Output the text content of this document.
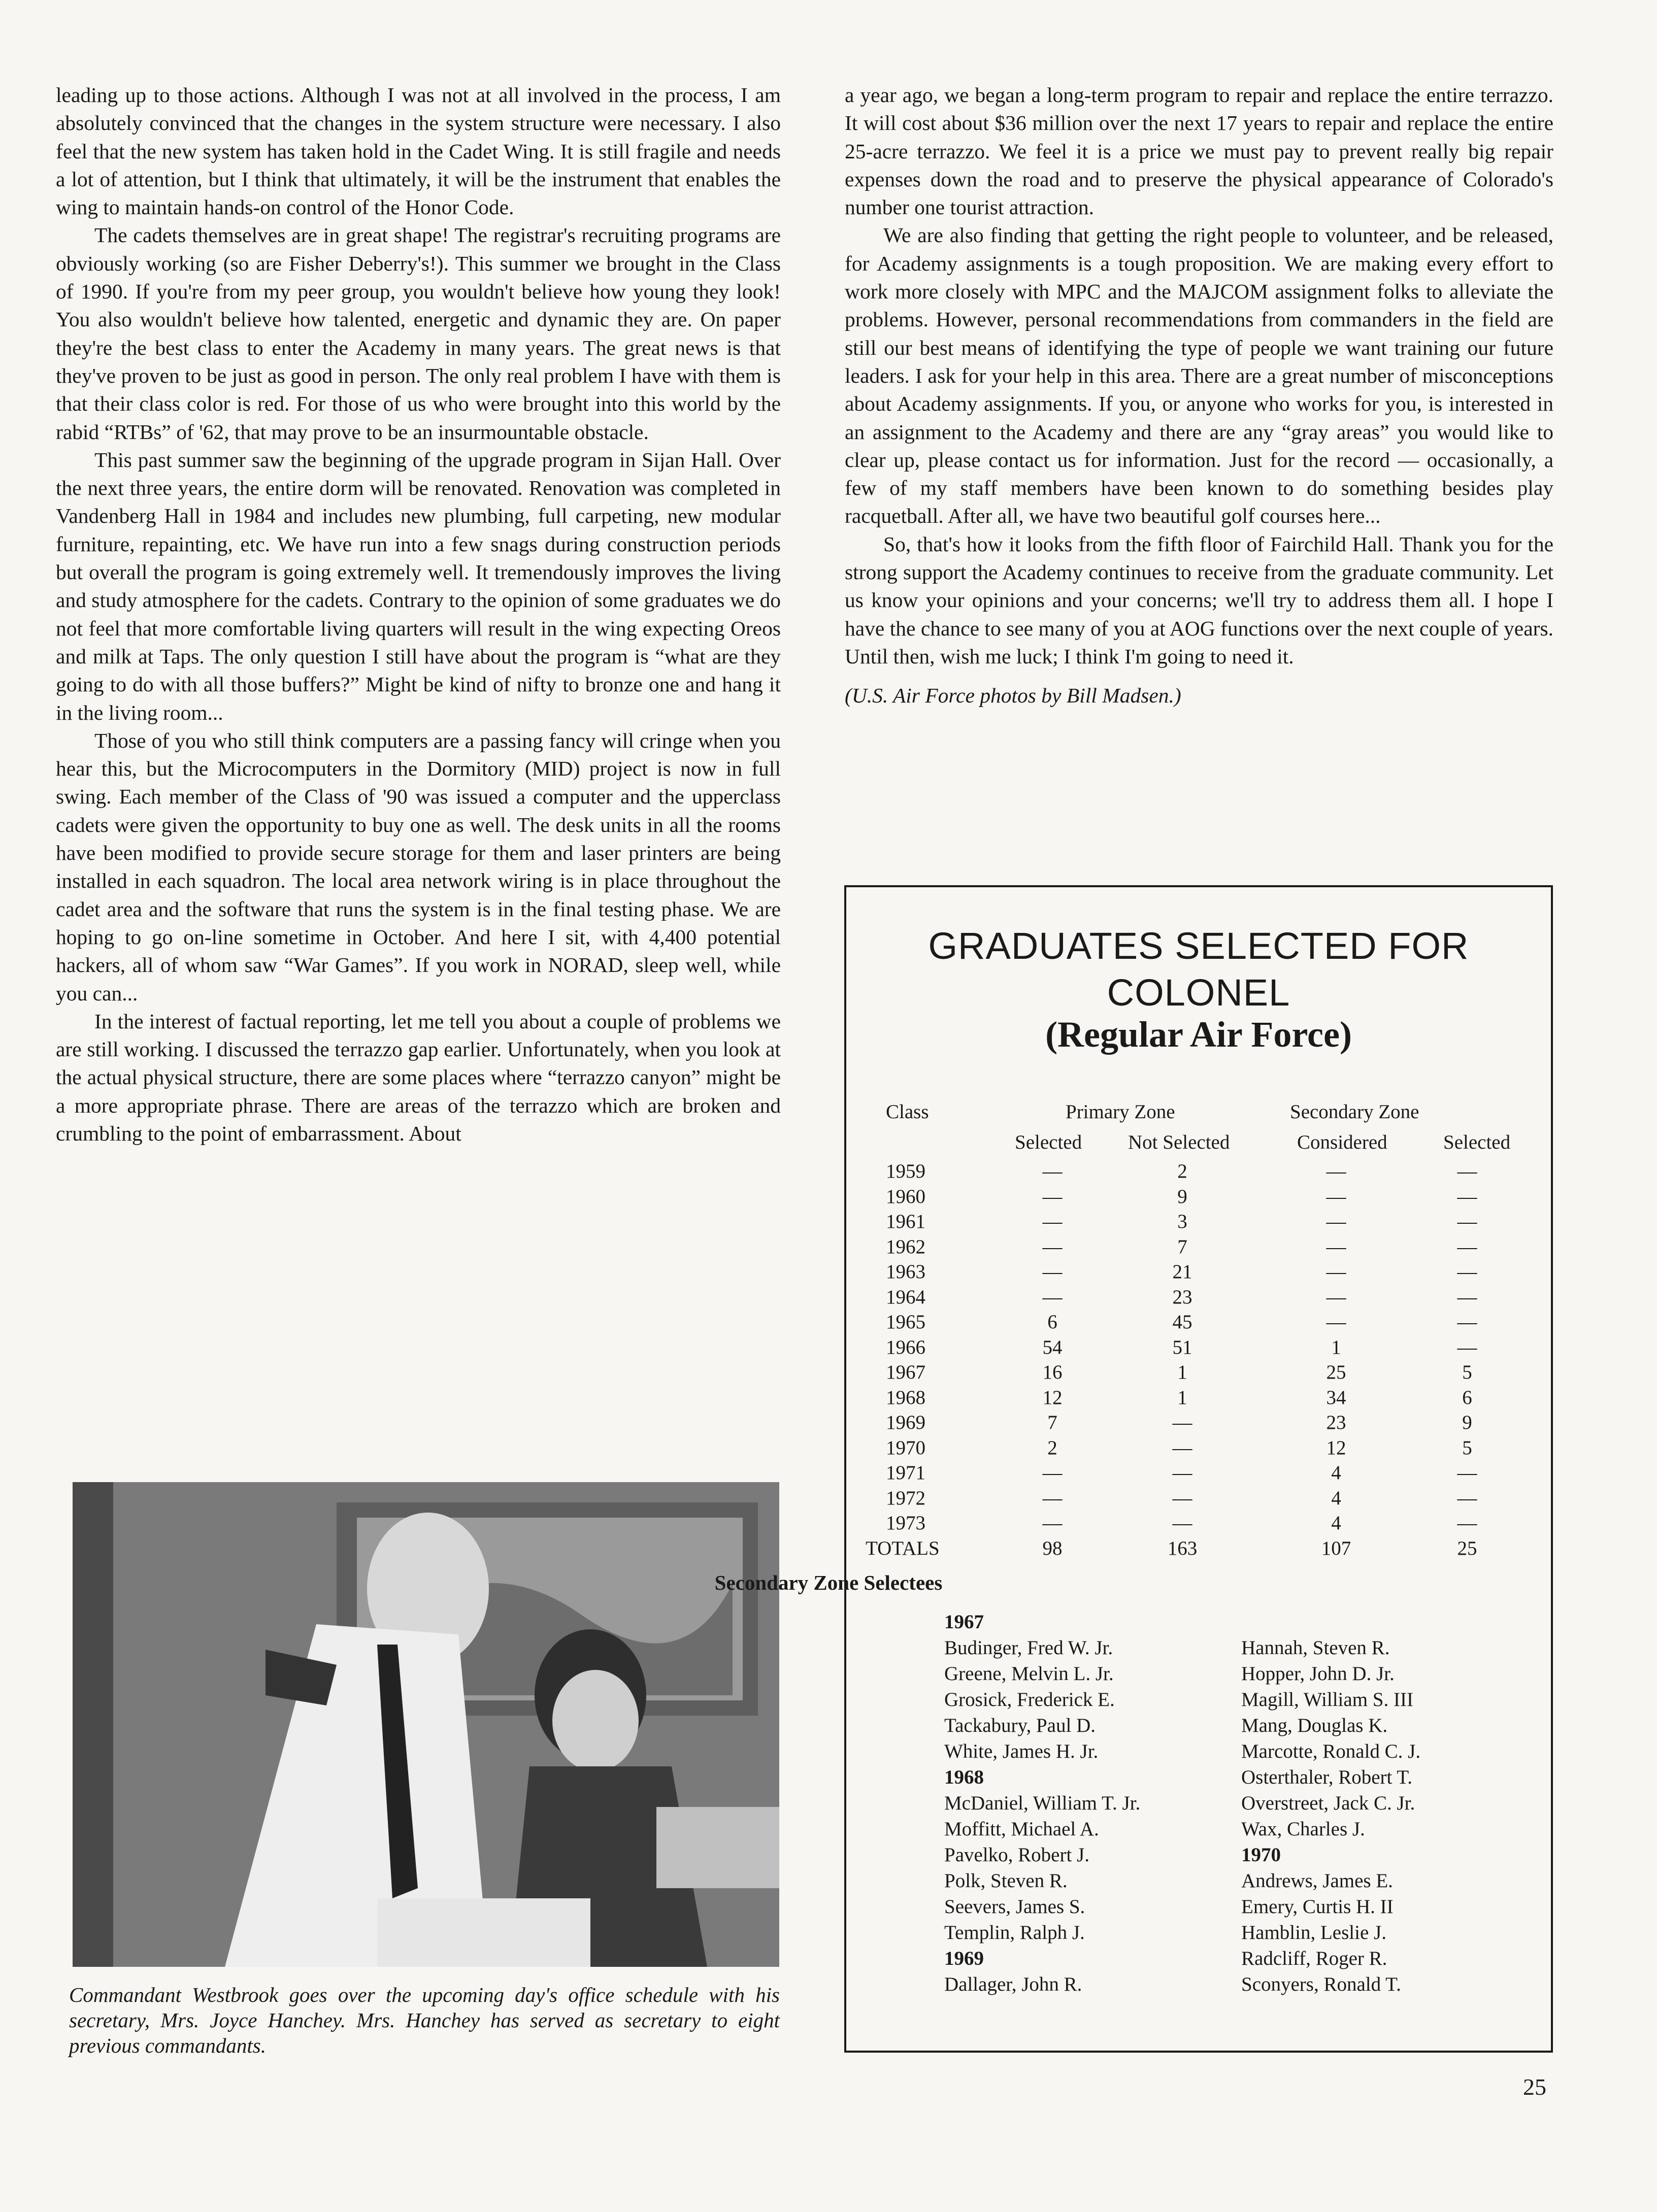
leading up to those actions. Although I was not at all involved in the process, I am absolutely convinced that the changes in the system structure were necessary. I also feel that the new system has taken hold in the Cadet Wing. It is still fragile and needs a lot of attention, but I think that ultimately, it will be the instrument that enables the wing to maintain hands-on control of the Honor Code.

The cadets themselves are in great shape! The registrar's recruiting programs are obviously working (so are Fisher Deberry's!). This summer we brought in the Class of 1990. If you're from my peer group, you wouldn't believe how young they look! You also wouldn't believe how talented, energetic and dynamic they are. On paper they're the best class to enter the Academy in many years. The great news is that they've proven to be just as good in person. The only real problem I have with them is that their class color is red. For those of us who were brought into this world by the rabid “RTBs” of '62, that may prove to be an insurmountable obstacle.

This past summer saw the beginning of the upgrade program in Sijan Hall. Over the next three years, the entire dorm will be renovated. Renovation was completed in Vandenberg Hall in 1984 and includes new plumbing, full carpeting, new modular furniture, repainting, etc. We have run into a few snags during construction periods but overall the program is going extremely well. It tremendously improves the living and study atmosphere for the cadets. Contrary to the opinion of some graduates we do not feel that more comfortable living quarters will result in the wing expecting Oreos and milk at Taps. The only question I still have about the program is “what are they going to do with all those buffers?” Might be kind of nifty to bronze one and hang it in the living room...

Those of you who still think computers are a passing fancy will cringe when you hear this, but the Microcomputers in the Dormitory (MID) project is now in full swing. Each member of the Class of '90 was issued a computer and the upperclass cadets were given the opportunity to buy one as well. The desk units in all the rooms have been modified to provide secure storage for them and laser printers are being installed in each squadron. The local area network wiring is in place throughout the cadet area and the software that runs the system is in the final testing phase. We are hoping to go on-line sometime in October. And here I sit, with 4,400 potential hackers, all of whom saw “War Games”. If you work in NORAD, sleep well, while you can...

In the interest of factual reporting, let me tell you about a couple of problems we are still working. I discussed the terrazzo gap earlier. Unfortunately, when you look at the actual physical structure, there are some places where “terrazzo canyon” might be a more appropriate phrase. There are areas of the terrazzo which are broken and crumbling to the point of embarrassment. About

a year ago, we began a long-term program to repair and replace the entire terrazzo. It will cost about $36 million over the next 17 years to repair and replace the entire 25-acre terrazzo. We feel it is a price we must pay to prevent really big repair expenses down the road and to preserve the physical appearance of Colorado's number one tourist attraction.

We are also finding that getting the right people to volunteer, and be released, for Academy assignments is a tough proposition. We are making every effort to work more closely with MPC and the MAJCOM assignment folks to alleviate the problems. However, personal recommendations from commanders in the field are still our best means of identifying the type of people we want training our future leaders. I ask for your help in this area. There are a great number of misconceptions about Academy assignments. If you, or anyone who works for you, is interested in an assignment to the Academy and there are any “gray areas” you would like to clear up, please contact us for information. Just for the record — occasionally, a few of my staff members have been known to do something besides play racquetball. After all, we have two beautiful golf courses here...

So, that's how it looks from the fifth floor of Fairchild Hall. Thank you for the strong support the Academy continues to receive from the graduate community. Let us know your opinions and your concerns; we'll try to address them all. I hope I have the chance to see many of you at AOG functions over the next couple of years. Until then, wish me luck; I think I'm going to need it.

(U.S. Air Force photos by Bill Madsen.)

Commandant Westbrook goes over the upcoming day's office schedule with his secretary, Mrs. Joyce Hanchey. Mrs. Hanchey has served as secretary to eight previous commandants.

GRADUATES SELECTED FOR
COLONEL
(Regular Air Force)
Class	Primary Zone	Secondary Zone
Selected Not Selected	Considered	Selected
1959	—	2	—	—
1960	—	9	—	—
1961	—	3	—	—
1962	—	7	—	—
1963	—	21	—	—
1964	—	23	—	—
1965	6	45	—	—
1966	54	51	1	—
1967	16	1	25	5
1968	12	1	34	6
1969	7	—	23	9
1970	2	—	12	5
1971	—	—	4	—
1972	—	—	4	—
1973	—	—	4	—
TOTALS	98	163	107	25
Secondary Zone Selectees
1967
Budinger, Fred W. Jr.
Greene, Melvin L. Jr.
Grosick, Frederick E.
Tackabury, Paul D.
White, James H. Jr.
1968
McDaniel, William T. Jr.
Moffitt, Michael A.
Pavelko, Robert J.
Polk, Steven R.
Seevers, James S.
Templin, Ralph J.
1969
Dallager, John R.
Hannah, Steven R.
Hopper, John D. Jr.
Magill, William S. III
Mang, Douglas K.
Marcotte, Ronald C. J.
Osterthaler, Robert T.
Overstreet, Jack C. Jr.
Wax, Charles J.
1970
Andrews, James E.
Emery, Curtis H. II
Hamblin, Leslie J.
Radcliff, Roger R.
Sconyers, Ronald T.
25
